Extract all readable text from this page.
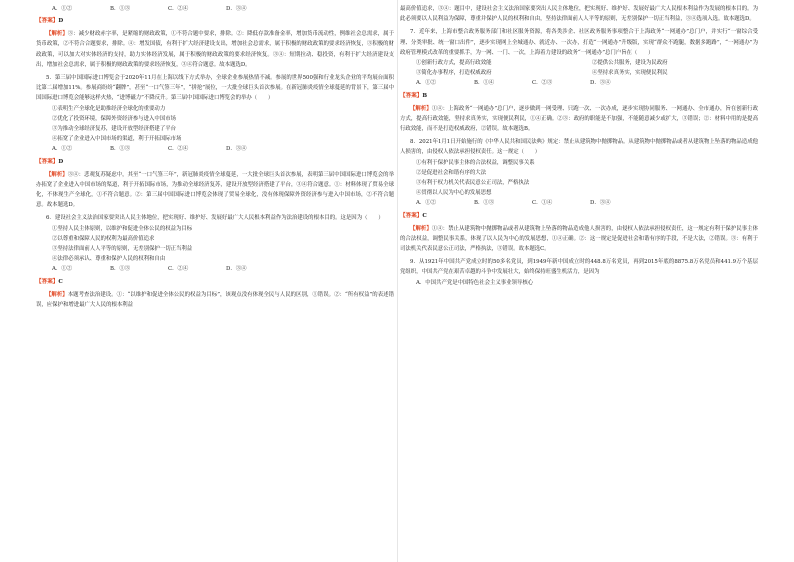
A．①②	B．①③	C．②④	D．③④
【答案】D

【解析】③：减少财政赤字率，是紧缩的财政政策，①不符合题中要求，排除。②：降低存款准备金率，增加货币流动性，例维社会总需求，属于货币政策，②不符合合题要求，排除。④：增发国债，有利于扩大经济建设支出，增加社会总需求，属于积极的财政政策的要求经济恢复，③积极的财政政策，可以加大对实体经济的支持，助力实体经济发展，属于积极的财政政策的要求经济恢复。③④：短期拉动、稳投资，有利于扩大经济建设支出，增加社会总需求，属于积极的财政政策的要求经济恢复，③④符合题意。故本题选D。

5．第三届中国国际进口博览会于2020年11月在上海以线下方式举办，全球企业参展热情不减。参展的世界500强和行业龙头企业的平均展台面积比第二届增加11%。参展商纷纷“翻牌”，甚至“一口气签三年”，“拼抢”展位，一大批全球巨头首次参展。在新冠肺炎疫情全球蔓延的背景下，第三届中国国际进口博览会能够这样火热，“进博磁力”不降反升。第三届中国国际进口博览会的举办（　　）

①表明生产全球化是助推经济全球化的重要动力

②优化了投资环境，保障外资经济参与进入中国市场

③为推动全球经济复苏，建设开放型经济搭建了平台

④拓宽了企业进入中国市场的渠道，利于开拓国际市场

A．①②	B．①③	C．②④	D．③④
【答案】D

【解析】③④：悲观复苏疑虑中，其至“一口气签三年”，新冠肺炎疫情全球蔓延，一大批全球巨头首次参展，表明第三届中国国际进口博览会的举办拓宽了企业进入中国市场的渠道，利于开拓国际市场，为推动全球经济复苏，建设开放型经济搭建了平台，③④符合题意。①：材料体现了贸易全球化，不体现生产全球化，①不符合题意。②：第三届中国国际进口博览会体现了贸易全球化，没有体现保障外资经济参与进入中国市场，②不符合题意。故本题选D。

6．建设社会主义法治国家要突出人民主体地位，把实现好、维护好、发展好最广大人民根本利益作为法治建设的根本目的。这是因为（　　）

①坚持人民主体原则，以维护和促进全体公民的权益为目标

②以尊重和保障人民的权利为最高价值追求

③坚持法律面前人人平等的原则，无差别保护一切正当利益

④法律必须承认、尊重和保护人民的权利和自由

A．①②	B．①③	C．②④	D．③④
【答案】C

【解析】本题考查法治建设。①：“以维护和促进全体公民的权益为目标”，该观点没有体现全民与人民的区别，①错误。②：“所有权益”的表述错误，应保护和增进最广大人民的根本利益

最高价值追求，③④：题目中，建设社会主义法治国家要突出人民主体地位，把实现好、维护好、发展好最广大人民根本利益作为发展的根本目的。为此必须要以人民利益为保障，尊重并保护人民的权利和自由，坚持法律面前人人平等的原则，无差别保护一切正当利益，③④选项入选。故本题选D。

7．近年来，上海市整合政务服务部门和社区服务资源，将各类涉企、社区政务服务事项整合于上海政务“一网通办”总门户，并实行“一窗综合受理、分类审批、统一窗口出件”，逐步实现网上全城通办、就近办、一次办，打造“一网通办”升级版，实现“群众不跑腿，数据多跑路”，“一网通办”为政府管理模式改革的重要抓手，为一网、一门、一次，上海着力建设的政务“一网通办”总门户旨在（　　）

①创新行政方式，提高行政效能	②提供公共服务，建设为民政府

③简化办事程序，打造权威政府	④坚持求真务实，实现便民利民

A．①②	B．①④	C．②③	D．③④
【答案】B

【解析】①④：上海政务“一网通办”总门户，逐步做到一网受理、只跑一次、一次办成，逐步实现协同服务、一网通办、全市通办，旨在创新行政方式，提高行政效能，坚持求真务实，实现便民利民，①④正确。②③：政府的职能是不加强，不能随意减少或扩大，③错误；②：材料中用的是提高行政效能，而不是打造权威政府，②错误。故本题选B。

8．2021年1月1日开始施行的《中华人民共和国民法典》规定：禁止从建筑物中抛掷物品。从建筑物中抛掷物品或者从建筑物上坠落的物品造成他人损害的，由侵权人依法承担侵权责任。这一规定（　　）

①有利于保护民事主体的合法权益，调整民事关系

②是促进社会和谐有序的大法

③有利于权力机关代表民意公正司法，严格执法

④贯彻以人民为中心的发展思想

A．①②	B．①③	C．①④	D．③④
【答案】C

【解析】①④：禁止从建筑物中抛掷物品或者从建筑物上坠落的物品造成他人损害的，由侵权人依法承担侵权责任，这一规定有利于保护民事主体的合法权益，调整民事关系，体现了以人民为中心的发展思想，①④正确。②：这一规定是促进社会和谐有序的手段，不是大法，②错误。③：有利于司法机关代表民意公正司法，严格执法，③错误。故本题选C。

9．从1921年中国共产党成立时的50多名党员，到1949年新中国成立时的448.8万名党员，再到2015年底的8875.8万名党员和441.9万个基层党组织，中国共产党在艰苦卓越的斗争中发展壮大，始终保持旺盛生机活力，是因为

A．中国共产党是中国特色社会主义事业领导核心
